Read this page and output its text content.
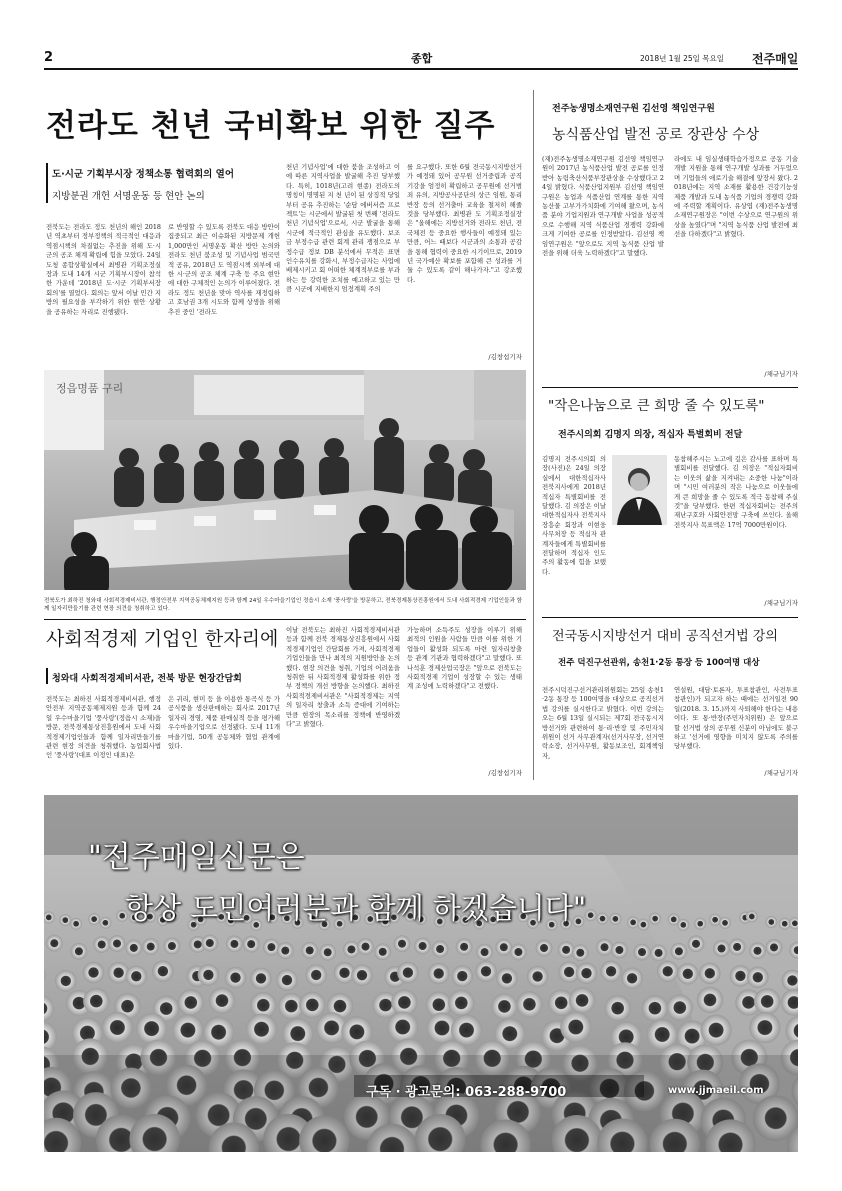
2	종합	2018년 1월 25일 목요일 전주매일
전라도 천년 국비확보 위한 질주
도·시군 기획부시장 정책소통 협력회의 열어
지방분권 개헌 서명운동 등 현안 논의
전북도는 전라도 정도 천년의 해인 2018년 역초부터 정부정책의 적극적인 대응과 역점시책의 차질없는 추진을 위해 도·시군의 공조 체계 확립에 힘을 모았다. 24일 도청 종합상황실에서 최병관 기획조정실장과 도내 14개 시군 기획부시장이 참석한 가운데 '2018년 도·시군 기획부서장 회의'를 열었다. 회의는 앞서 이날 민간 지방의 필요성을 부각하기 위한 현안 상황을 공유하는 자리로 진행됐다.
로 반영할 수 있도록 전북도 대응 방안이 집중되고 최근 이슈화된 지방문제 개헌 1,000만인 서명운동 확산 방안 논의와 전라도 천년 붐조성 및 기념사업 범국민적 공유, 2018년 도 역점시책 외부에 대한 시·군의 공조 체계 구축 등 주요 현안에 대한 구체적인 논의가 이루어졌다. 전라도 정도 천년을 맞아 역사를 재정립하고 호남권 3개 시도와 함께 상생을 위해 추진 중인 '전라도
천년 기념사업'에 대한 붐을 조성하고 이에 따른 지역사업을 발굴해 추진 당부했다. 특히, 1018년(고려 현종) 전라도의 명칭이 명명된 지 천 년이 된 상징적 당일부터 공유 추진하는 '순담 에버서즘 프로젝트'는 시군에서 발굴된 첫 번째 '전라도 천년 기념식업'으로서, 시군 발굴을 통해 시군에 적극적인 관심을 유도했다. 보조금 부정수급 관련 회계 관리 쟁점으로 부정수급 정보 DB 분석에서 무적은 표면 인수유치를 강화시, 부정수급자는 사업에 배제시키고 회 어떠한 체계적부로를 부과하는 등 강력한 조치를 예고하고 있는 만큼 시군에 지배한지 엄정계획 주의
를 요구했다. 또한 6월 전국동시지방선거가 예정돼 있어 공무원 선거중립과 공직기강을 엄정히 확립하고 공무원에 선거범죄 유의, 지방공사공단의 상근 임원, 통리반장 등의 선거출마 교육을 철저히 해줄 것을 당부했다. 최병관 도 기획조정실장은 "올해에는 지방선거와 전라도 천년, 전국체전 등 중요한 행사들이 예정돼 있는 만큼, 어느 때보다 시군과의 소통과 공감을 통해 협력이 중요한 시기이므로, 2019년 국가예산 확보를 포함해 큰 성과를 거둘 수 있도록 같이 해나가자."고 강조했다.
/김창섭기자
정읍명품 구리
전북도가 최하진 청와대 사회적경제비서관, 행정안전부 지역공동체제지원 등과 함께 24일 우수마을기업인 정읍시 소재 '풍사랑'을 방문하고, 전북경제통상진흥원에서 도내 사회적경제 기업인들과 함께 일자리만들기를 관련 현장 의견을 청취하고 있다.
사회적경제 기업인 한자리에
청와대 사회적경제비서관, 전북 방문 현장간담회
전북도는 최하진 사회적경제비서관, 행정안전부 지역공동체제지원 등과 함께 24일 우수마을기업 '풍사랑'(정읍시 소재)을 방문, 전북경제통상진흥원에서 도내 사회적경제기업인들과 함께 일자리만들기를 관련 현장 의견을 청취했다. 농업회사법인 '풍사랑'(대표 이정인 대표)은
은 귀리, 현미 등 을 이용한 통곡식 등 가공식품을 생산판매하는 회사로 2017년 일자리 경영, 제품 판매실적 등을 평가해 우수마을기업으로 선정됐다. 도내 11개 마을기업, 50개 공동체와 협업 관계에 있다.
이날 전북도는 최하진 사회적경제비서관 등과 함께 전북 경제통상진흥원에서 사회적경제기업인 간담회를 가져, 사회적경제기업인들을 만나 최적의 지원방안을 논의했다. 현장 의견을 청취, 기업의 어려움을 청취한 뒤 사회적경제 활성화를 위한 정부 정책의 개선 방향을 논의했다. 최하진 사회적경제비서관은 "사회적경제는 지역의 일자리 창출과 소득 증대에 기여하는 만큼 현장의 목소리를 정책에 반영하겠다"고 밝혔다.
가능하며 소득주도 성장을 이루기 위해 최적의 인원을 사람들 만큼 이를 위한 기업들이 활성화 되도록 마련 일자리창출 등 관계 기관과 협력하겠다"고 말했다. 또 나석훈 경제산업국장은 "앞으로 전북도는 사회적경제 기업이 성장할 수 있는 생태계 조성에 노력하겠다"고 전했다.
/김창섭기자
전주농생명소재연구원 김선영 책임연구원
농식품산업 발전 공로 장관상 수상
(재)전주농생명소재연구원 김선영 책임연구원이 2017년 농식품산업 발전 공로를 인정받아 농림축산식품부장관상을 수상했다고 24일 밝혔다. 식품산업지원부 김선영 책임연구원은 농업과 식품산업 연계를 통한 지역 농산물 고부가가치화에 기여해 왔으며, 농식품 분야 기업지원과 연구개발 사업을 성공적으로 수행해 지역 식품산업 경쟁력 강화에 크게 기여한 공로를 인정받았다. 김선영 책임연구원은 "앞으로도 지역 농식품 산업 발전을 위해 더욱 노력하겠다"고 말했다.
라에도 내 임실생태학습가정으로 공동 기술개발 지원을 통해 연구개발 성과를 거두었으며 기업들의 애로기술 해결에 앞장서 왔다. 2018년에는 지역 소재를 활용한 건강기능성 제품 개발과 도내 농식품 기업의 경쟁력 강화에 주력할 계획이다. 유상엽 (재)전주농생명소재연구원장은 "이번 수상으로 연구원의 위상을 높였다"며 "지역 농식품 산업 발전에 최선을 다하겠다"고 밝혔다.
/채규님기자
"작은나눔으로 큰 희망 줄 수 있도록"
전주시의회 김명지 의장, 적십자 특별회비 전달
김명지 전주시의회 의장(사진)은 24일 의장실에서 대한적십자사 전북지사에게 2018년 적십자 특별회비를 전달했다. 김 의장은 이날 대한적십자사 전북지사 장흥순 회장과 이현웅 사무처장 등 적십자 관계자들에게 특별회비를 전달하며 적십자 인도주의 활동에 힘을 보탰다.
동참해주시는 노고에 깊은 감사를 표하며 특별회비를 전달했다. 김 의장은 "적십자회비는 이웃의 삶을 지켜내는 소중한 나눔"이라며 "시민 여러분의 작은 나눔으로 이웃들에게 큰 희망을 줄 수 있도록 적극 동참해 주실 것"을 당부했다. 한편 적십자회비는 전주의 재난구호와 사회안전망 구축에 쓰인다. 올해 전북지사 목표액은 17억 7000만원이다.
/채규님기자
전국동시지방선거 대비 공직선거법 강의
전주 덕진구선관위, 송천1·2동 통장 등 100여명 대상
전주시덕진구선거관리위원회는 25일 송천1·2동 통장 등 100여명을 대상으로 공직선거법 강의를 실시한다고 밝혔다. 이번 강의는 오는 6월 13일 실시되는 제7회 전국동시지방선거와 관련하여 통·리·반장 및 주민자치위원이 선거 사무관계자(선거사무장, 선거연락소장, 선거사무원, 활동보조인, 회계책임자,
연설원, 대담·토론자, 투표참관인, 사전투표참관인)가 되고자 하는 때에는 선거일전 90일(2018. 3. 15.)까지 사퇴해야 한다는 내용이다. 또 통·반장(주민자치위원) 은 앞으로 할 선거법 상의 공무원 신분이 아님에도 불구하고 '선거에 영향을 미치지 않도록 주의를 당부했다.
/채규님기자
"전주매일신문은
항상 도민여러분과 함께 하겠습니다"
구독 · 광고문의: 063-288-9700	www.jjmaeil.com
